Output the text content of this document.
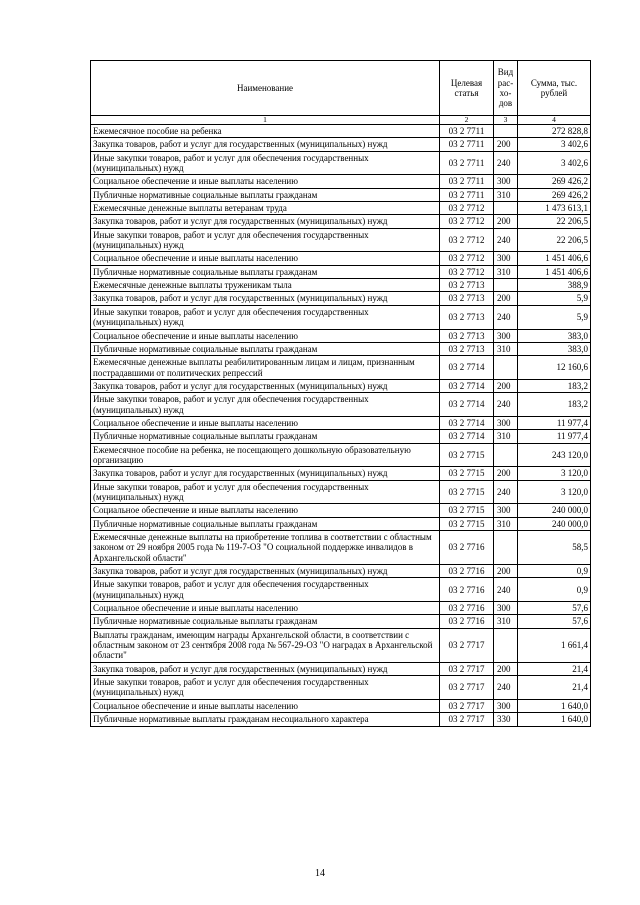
Наименование	Целевая статья	Вид рас-хо-дов	Сумма, тыс. рублей
1	2	3	4
Ежемесячное пособие на ребенка	03 2 7711		272 828,8
Закупка товаров, работ и услуг для государственных (муниципальных) нужд	03 2 7711	200	3 402,6
Иные закупки товаров, работ и услуг для обеспечения государственных (муниципальных) нужд	03 2 7711	240	3 402,6
Социальное обеспечение и иные выплаты населению	03 2 7711	300	269 426,2
Публичные нормативные социальные выплаты гражданам	03 2 7711	310	269 426,2
Ежемесячные денежные выплаты ветеранам труда	03 2 7712		1 473 613,1
Закупка товаров, работ и услуг для государственных (муниципальных) нужд	03 2 7712	200	22 206,5
Иные закупки товаров, работ и услуг для обеспечения государственных (муниципальных) нужд	03 2 7712	240	22 206,5
Социальное обеспечение и иные выплаты населению	03 2 7712	300	1 451 406,6
Публичные нормативные социальные выплаты гражданам	03 2 7712	310	1 451 406,6
Ежемесячные денежные выплаты труженикам тыла	03 2 7713		388,9
Закупка товаров, работ и услуг для государственных (муниципальных) нужд	03 2 7713	200	5,9
Иные закупки товаров, работ и услуг для обеспечения государственных (муниципальных) нужд	03 2 7713	240	5,9
Социальное обеспечение и иные выплаты населению	03 2 7713	300	383,0
Публичные нормативные социальные выплаты гражданам	03 2 7713	310	383,0
Ежемесячные денежные выплаты реабилитированным лицам и лицам, признанным пострадавшими от политических репрессий	03 2 7714		12 160,6
Закупка товаров, работ и услуг для государственных (муниципальных) нужд	03 2 7714	200	183,2
Иные закупки товаров, работ и услуг для обеспечения государственных (муниципальных) нужд	03 2 7714	240	183,2
Социальное обеспечение и иные выплаты населению	03 2 7714	300	11 977,4
Публичные нормативные социальные выплаты гражданам	03 2 7714	310	11 977,4
Ежемесячное пособие на ребенка, не посещающего дошкольную образовательную организацию	03 2 7715		243 120,0
Закупка товаров, работ и услуг для государственных (муниципальных) нужд	03 2 7715	200	3 120,0
Иные закупки товаров, работ и услуг для обеспечения государственных (муниципальных) нужд	03 2 7715	240	3 120,0
Социальное обеспечение и иные выплаты населению	03 2 7715	300	240 000,0
Публичные нормативные социальные выплаты гражданам	03 2 7715	310	240 000,0
Ежемесячные денежные выплаты на приобретение топлива в соответствии с областным законом от 29 ноября 2005 года № 119-7-ОЗ "О социальной поддержке инвалидов в Архангельской области"	03 2 7716		58,5
Закупка товаров, работ и услуг для государственных (муниципальных) нужд	03 2 7716	200	0,9
Иные закупки товаров, работ и услуг для обеспечения государственных (муниципальных) нужд	03 2 7716	240	0,9
Социальное обеспечение и иные выплаты населению	03 2 7716	300	57,6
Публичные нормативные социальные выплаты гражданам	03 2 7716	310	57,6
Выплаты гражданам, имеющим награды Архангельской области, в соответствии с областным законом от 23 сентября 2008 года № 567-29-ОЗ "О наградах в Архангельской области"	03 2 7717		1 661,4
Закупка товаров, работ и услуг для государственных (муниципальных) нужд	03 2 7717	200	21,4
Иные закупки товаров, работ и услуг для обеспечения государственных (муниципальных) нужд	03 2 7717	240	21,4
Социальное обеспечение и иные выплаты населению	03 2 7717	300	1 640,0
Публичные нормативные выплаты гражданам несоциального характера	03 2 7717	330	1 640,0
14
